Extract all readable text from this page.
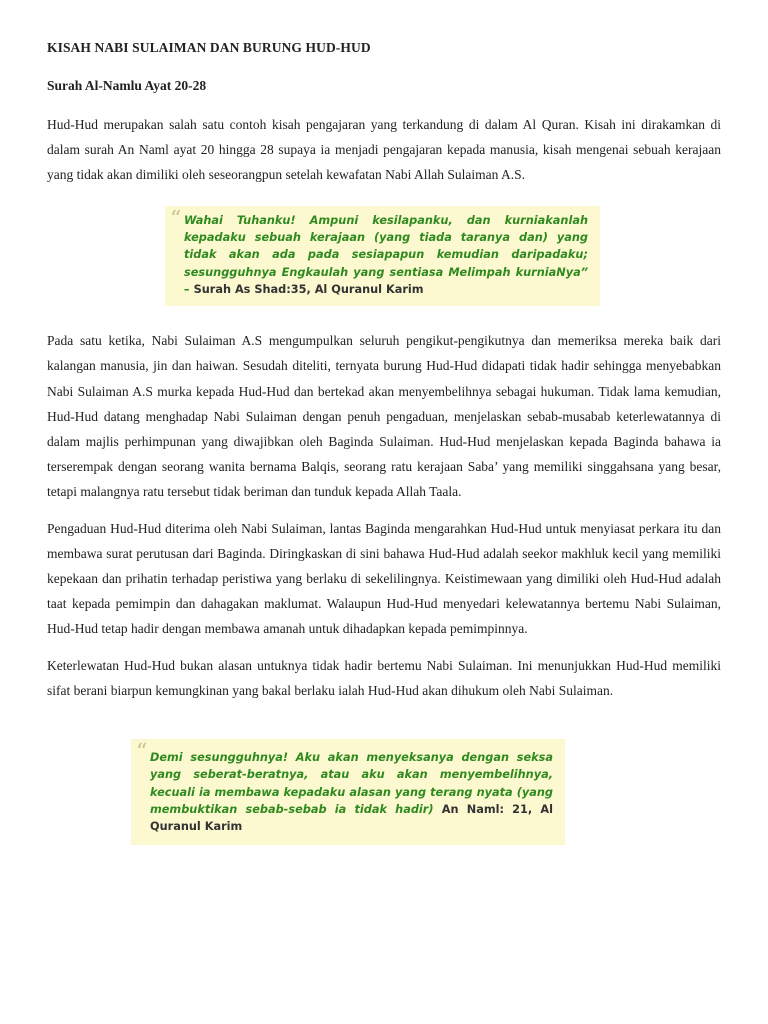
KISAH NABI SULAIMAN DAN BURUNG HUD-HUD

Surah Al-Namlu Ayat 20-28

Hud-Hud merupakan salah satu contoh kisah pengajaran yang terkandung di dalam Al Quran. Kisah ini dirakamkan di dalam surah An Naml ayat 20 hingga 28 supaya ia menjadi pengajaran kepada manusia, kisah mengenai sebuah kerajaan yang tidak akan dimiliki oleh seseorangpun setelah kewafatan Nabi Allah Sulaiman A.S.

“ Wahai Tuhanku! Ampuni kesilapanku, dan kurniakanlah kepadaku sebuah kerajaan (yang tiada taranya dan) yang tidak akan ada pada sesiapapun kemudian daripadaku; sesungguhnya Engkaulah yang sentiasa Melimpah kurniaNya” – Surah As Shad:35, Al Quranul Karim

Pada satu ketika, Nabi Sulaiman A.S mengumpulkan seluruh pengikut-pengikutnya dan memeriksa mereka baik dari kalangan manusia, jin dan haiwan. Sesudah diteliti, ternyata burung Hud-Hud didapati tidak hadir sehingga menyebabkan Nabi Sulaiman A.S murka kepada Hud-Hud dan bertekad akan menyembelihnya sebagai hukuman. Tidak lama kemudian, Hud-Hud datang menghadap Nabi Sulaiman dengan penuh pengaduan, menjelaskan sebab-musabab keterlewatannya di dalam majlis perhimpunan yang diwajibkan oleh Baginda Sulaiman. Hud-Hud menjelaskan kepada Baginda bahawa ia terserempak dengan seorang wanita bernama Balqis, seorang ratu kerajaan Saba’ yang memiliki singgahsana yang besar, tetapi malangnya ratu tersebut tidak beriman dan tunduk kepada Allah Taala.

Pengaduan Hud-Hud diterima oleh Nabi Sulaiman, lantas Baginda mengarahkan Hud-Hud untuk menyiasat perkara itu dan membawa surat perutusan dari Baginda. Diringkaskan di sini bahawa Hud-Hud adalah seekor makhluk kecil yang memiliki kepekaan dan prihatin terhadap peristiwa yang berlaku di sekelilingnya. Keistimewaan yang dimiliki oleh Hud-Hud adalah taat kepada pemimpin dan dahagakan maklumat. Walaupun Hud-Hud menyedari kelewatannya bertemu Nabi Sulaiman, Hud-Hud tetap hadir dengan membawa amanah untuk dihadapkan kepada pemimpinnya.

Keterlewatan Hud-Hud bukan alasan untuknya tidak hadir bertemu Nabi Sulaiman. Ini menunjukkan Hud-Hud memiliki sifat berani biarpun kemungkinan yang bakal berlaku ialah Hud-Hud akan dihukum oleh Nabi Sulaiman.

“ Demi sesungguhnya! Aku akan menyeksanya dengan seksa yang seberat-beratnya, atau aku akan menyembelihnya, kecuali ia membawa kepadaku alasan yang terang nyata (yang membuktikan sebab-sebab ia tidak hadir) An Naml: 21, Al Quranul Karim
